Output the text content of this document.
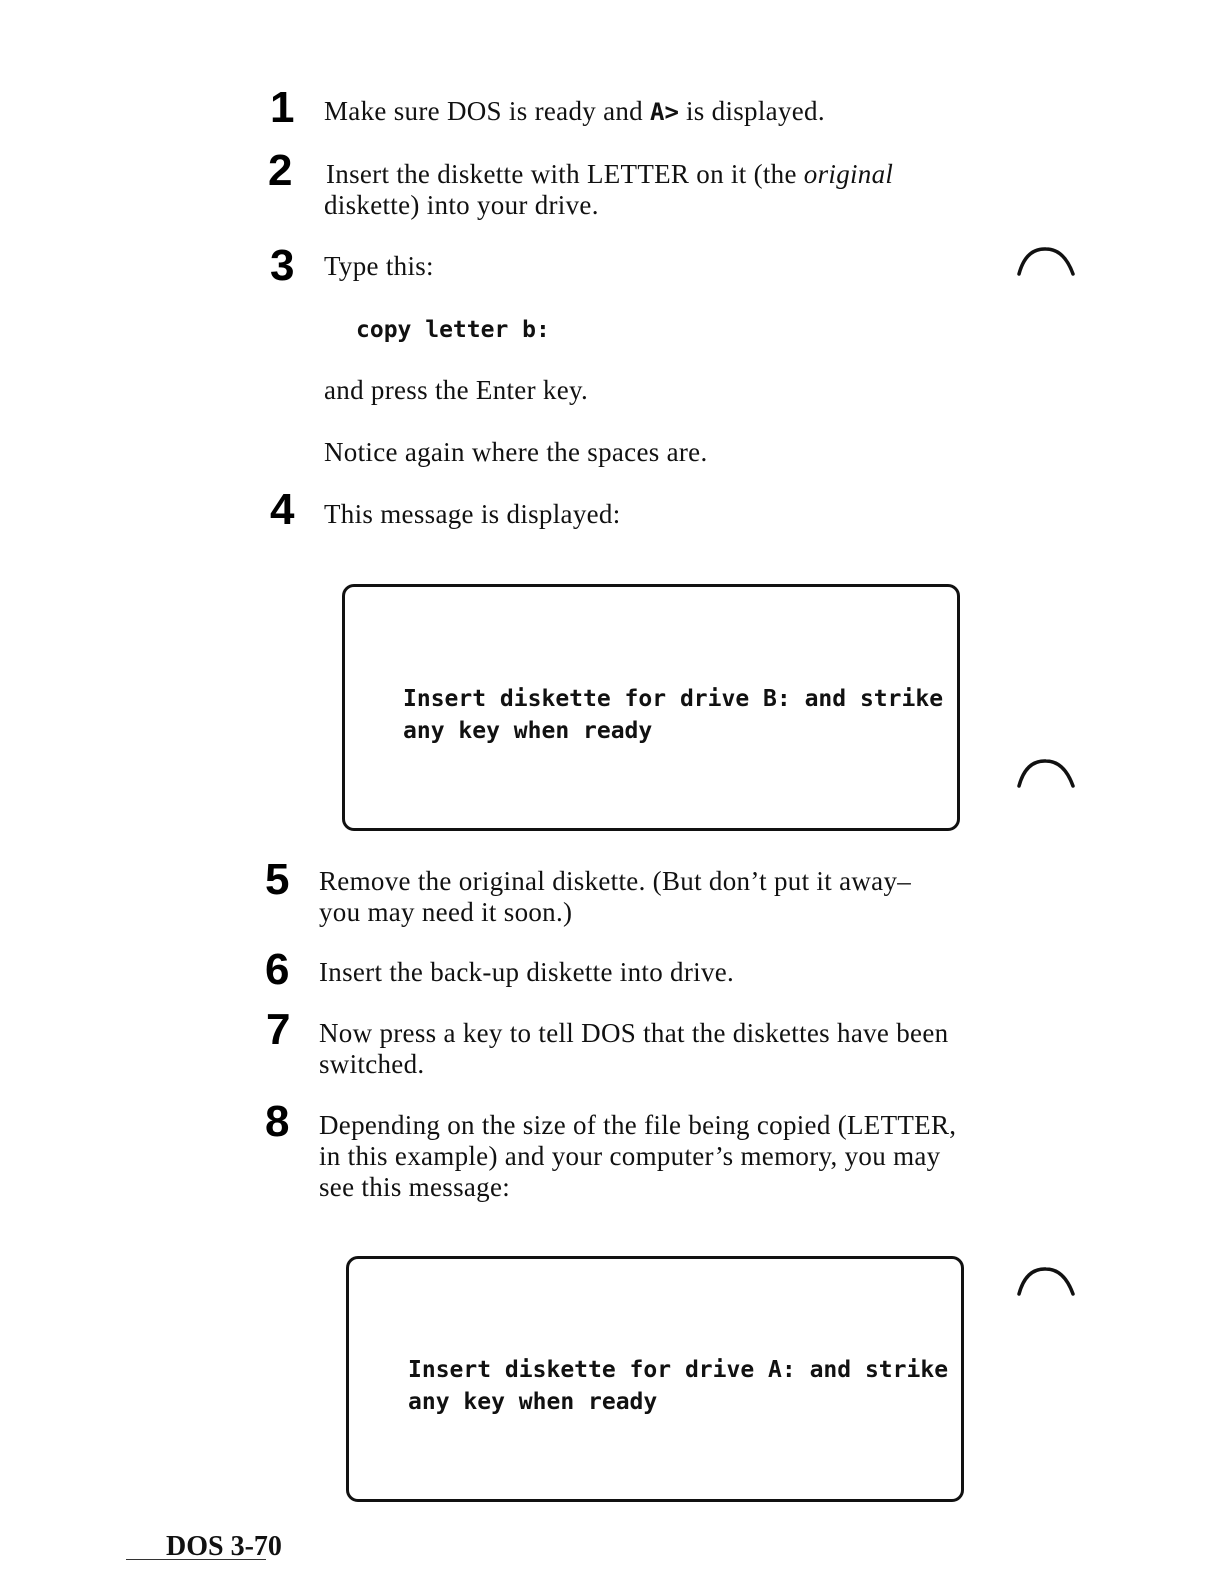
1 Make sure DOS is ready and A> is displayed.
2 Insert the diskette with LETTER on it (the original
diskette) into your drive.
3 Type this:
copy letter b:
and press the Enter key.
Notice again where the spaces are.
4 This message is displayed:
Insert diskette for drive B: and strike
any key when ready
5 Remove the original diskette. (But don’t put it away–
you may need it soon.)
6 Insert the back-up diskette into drive.
7 Now press a key to tell DOS that the diskettes have been
switched.
8 Depending on the size of the file being copied (LETTER,
in this example) and your computer’s memory, you may
see this message:
Insert diskette for drive A: and strike
any key when ready
DOS 3-70
